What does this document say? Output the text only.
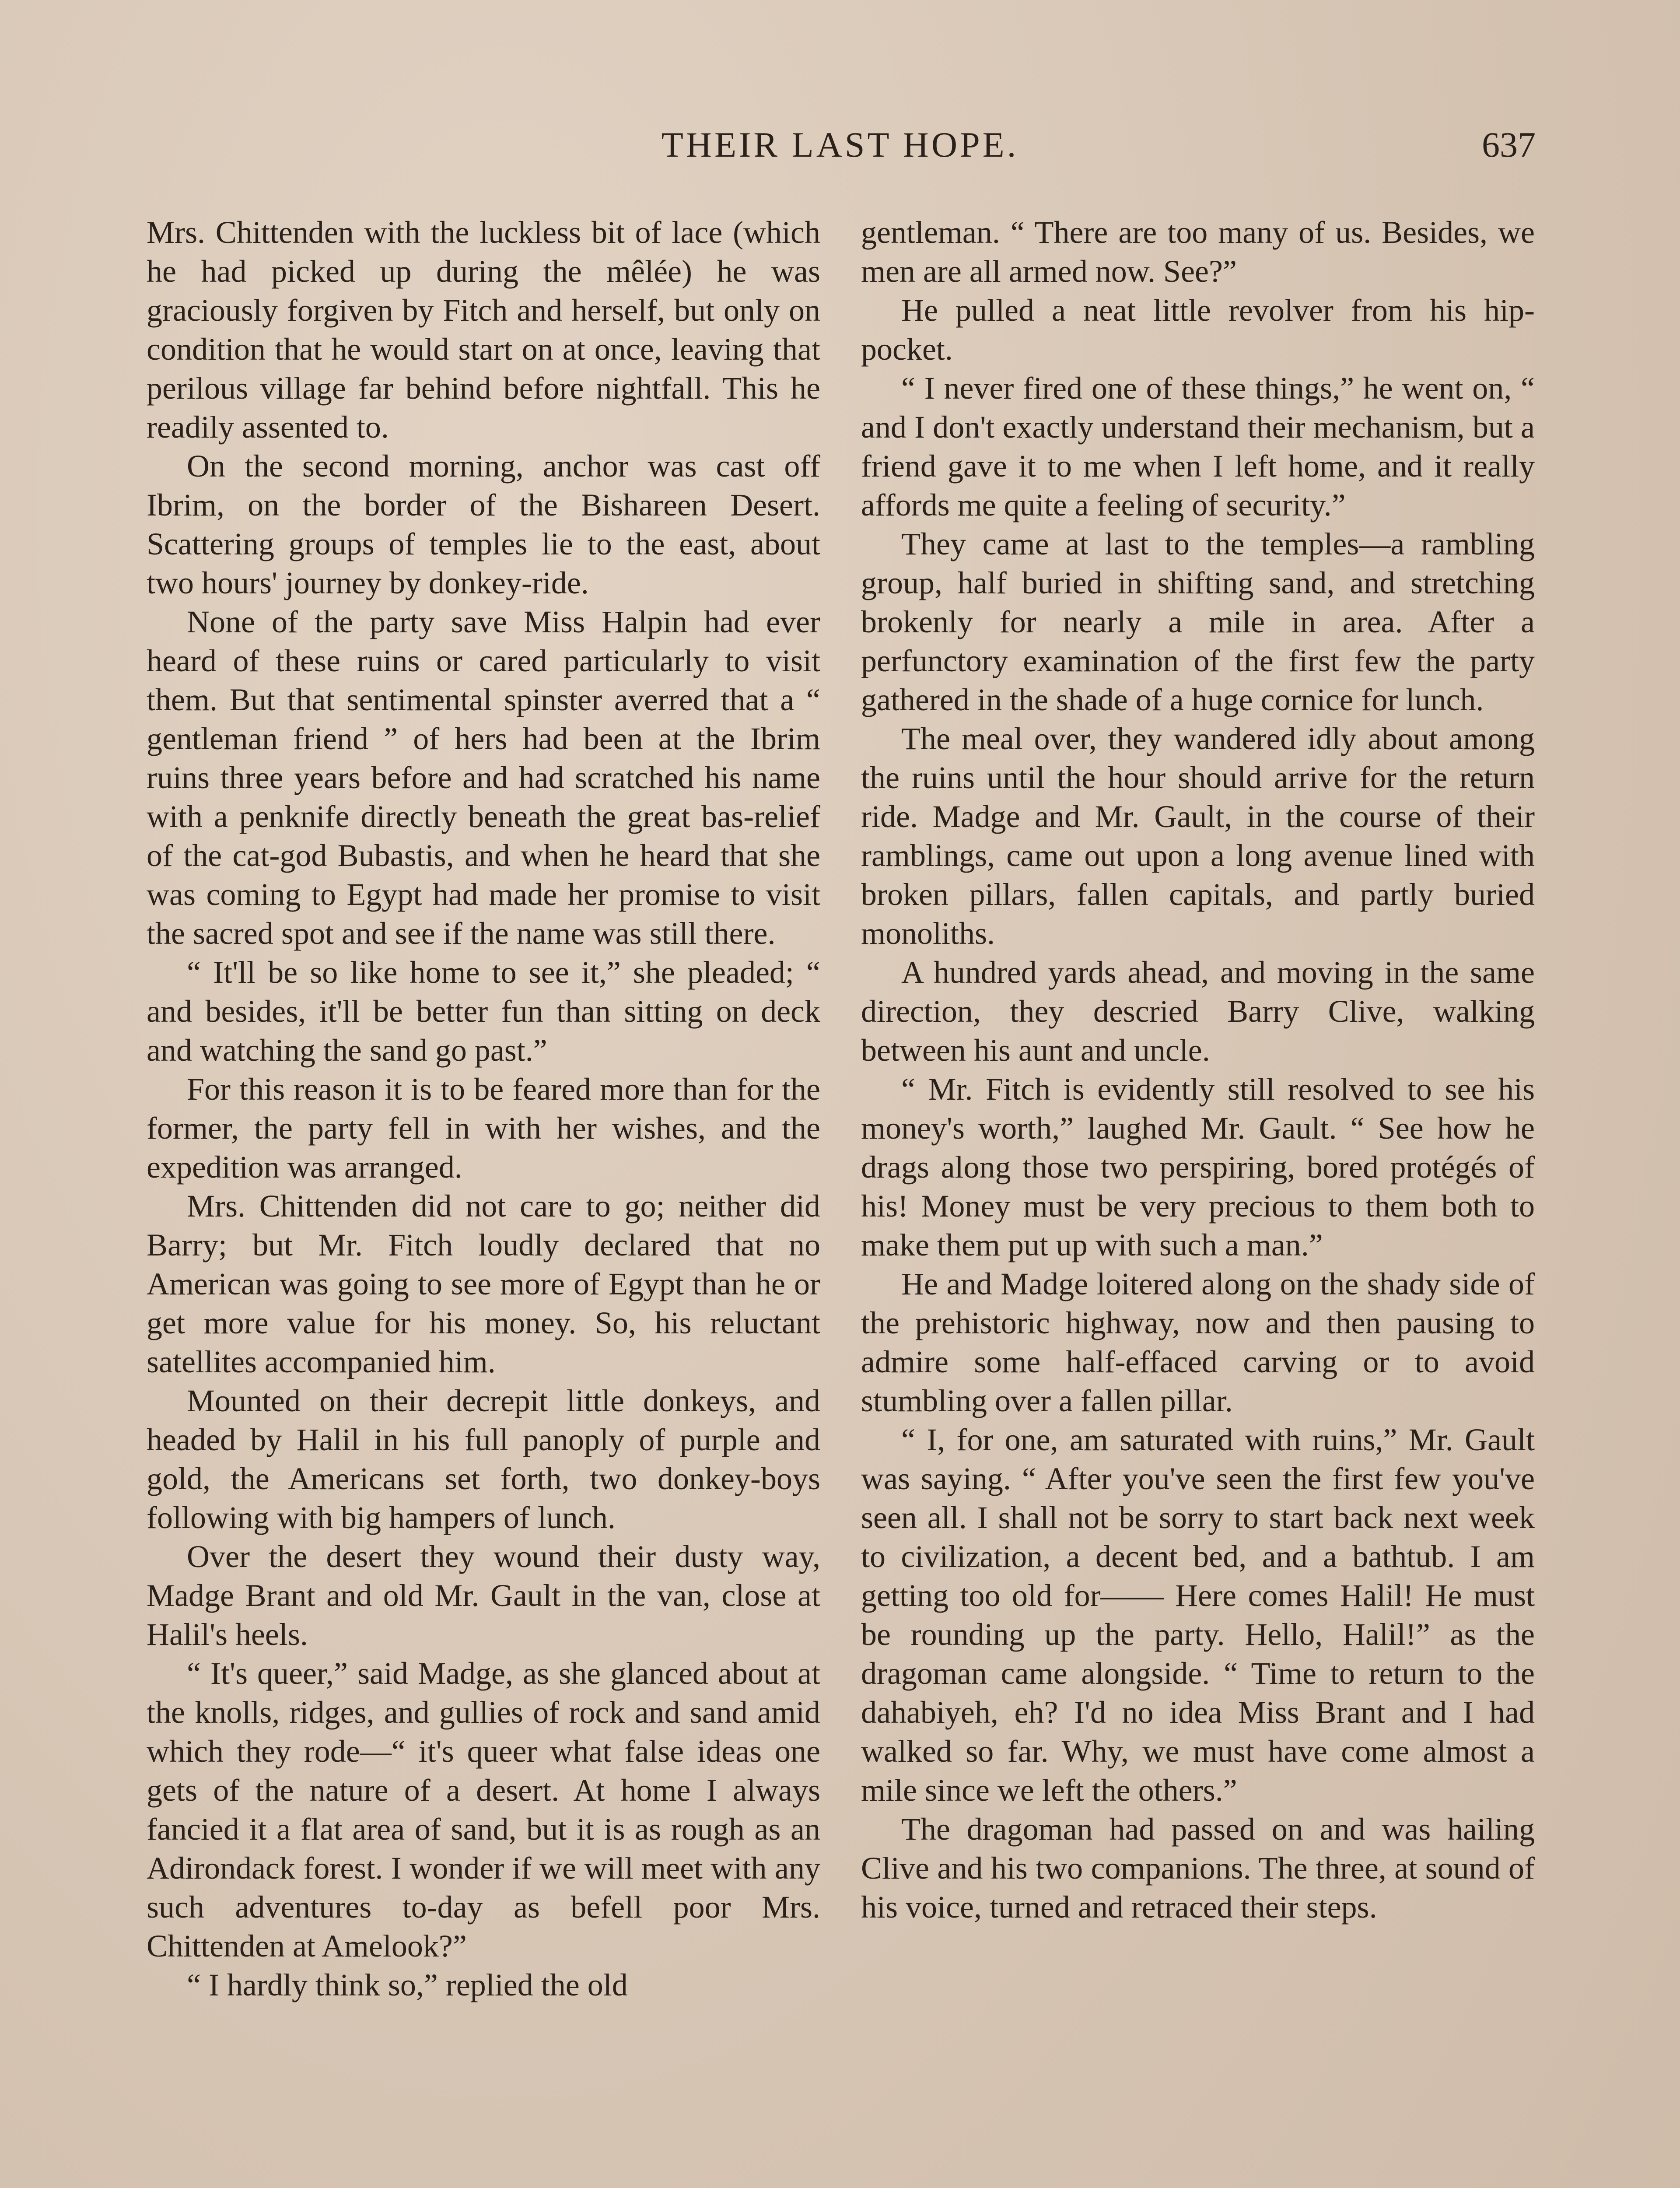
THEIR LAST HOPE.	637

Mrs. Chittenden with the luckless bit of lace (which he had picked up during the mêlée) he was graciously forgiven by Fitch and herself, but only on condition that he would start on at once, leaving that perilous village far behind before nightfall. This he readily assented to.

On the second morning, anchor was cast off Ibrim, on the border of the Bishareen Desert. Scattering groups of temples lie to the east, about two hours' journey by donkey-ride.

None of the party save Miss Halpin had ever heard of these ruins or cared particularly to visit them. But that sentimental spinster averred that a “ gentleman friend ” of hers had been at the Ibrim ruins three years before and had scratched his name with a penknife directly beneath the great bas-relief of the cat-god Bubastis, and when he heard that she was coming to Egypt had made her promise to visit the sacred spot and see if the name was still there.

“ It'll be so like home to see it,” she pleaded; “ and besides, it'll be better fun than sitting on deck and watching the sand go past.”

For this reason it is to be feared more than for the former, the party fell in with her wishes, and the expedition was arranged.

Mrs. Chittenden did not care to go; neither did Barry; but Mr. Fitch loudly declared that no American was going to see more of Egypt than he or get more value for his money. So, his reluctant satellites accompanied him.

Mounted on their decrepit little donkeys, and headed by Halil in his full panoply of purple and gold, the Americans set forth, two donkey-boys following with big hampers of lunch.

Over the desert they wound their dusty way, Madge Brant and old Mr. Gault in the van, close at Halil's heels.

“ It's queer,” said Madge, as she glanced about at the knolls, ridges, and gullies of rock and sand amid which they rode—“ it's queer what false ideas one gets of the nature of a desert. At home I always fancied it a flat area of sand, but it is as rough as an Adirondack forest. I wonder if we will meet with any such adventures to-day as befell poor Mrs. Chittenden at Amelook?”

“ I hardly think so,” replied the old

gentleman. “ There are too many of us. Besides, we men are all armed now. See?”

He pulled a neat little revolver from his hip-pocket.

“ I never fired one of these things,” he went on, “ and I don't exactly understand their mechanism, but a friend gave it to me when I left home, and it really affords me quite a feeling of security.”

They came at last to the temples—a rambling group, half buried in shifting sand, and stretching brokenly for nearly a mile in area. After a perfunctory examination of the first few the party gathered in the shade of a huge cornice for lunch.

The meal over, they wandered idly about among the ruins until the hour should arrive for the return ride. Madge and Mr. Gault, in the course of their ramblings, came out upon a long avenue lined with broken pillars, fallen capitals, and partly buried monoliths.

A hundred yards ahead, and moving in the same direction, they descried Barry Clive, walking between his aunt and uncle.

“ Mr. Fitch is evidently still resolved to see his money's worth,” laughed Mr. Gault. “ See how he drags along those two perspiring, bored protégés of his! Money must be very precious to them both to make them put up with such a man.”

He and Madge loitered along on the shady side of the prehistoric highway, now and then pausing to admire some half-effaced carving or to avoid stumbling over a fallen pillar.

“ I, for one, am saturated with ruins,” Mr. Gault was saying. “ After you've seen the first few you've seen all. I shall not be sorry to start back next week to civilization, a decent bed, and a bathtub. I am getting too old for—— Here comes Halil! He must be rounding up the party. Hello, Halil!” as the dragoman came alongside. “ Time to return to the dahabiyeh, eh? I'd no idea Miss Brant and I had walked so far. Why, we must have come almost a mile since we left the others.”

The dragoman had passed on and was hailing Clive and his two companions. The three, at sound of his voice, turned and retraced their steps.
